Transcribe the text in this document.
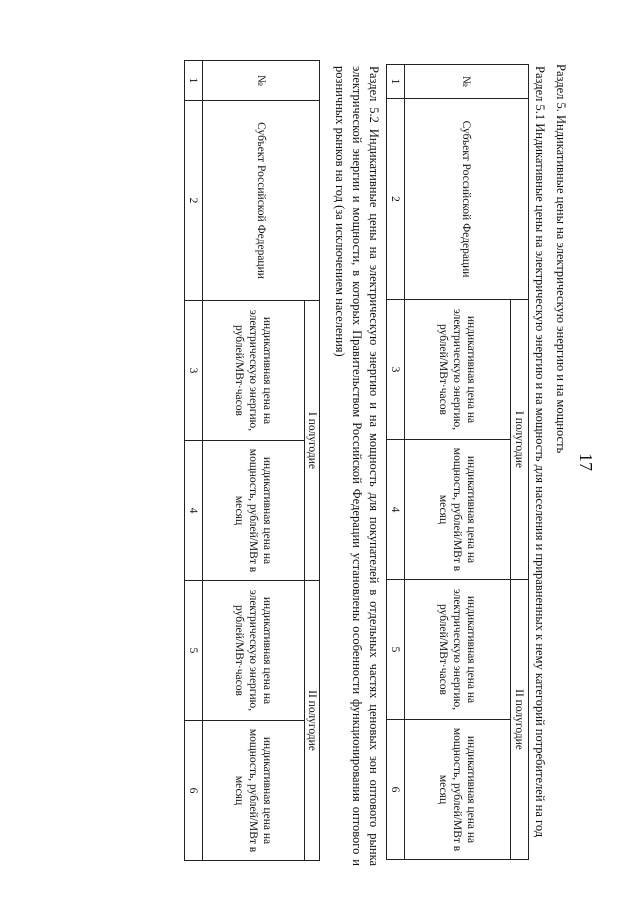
17
Раздел 5. Индикативные цены на электрическую энергию и на мощность
Раздел 5.1 Индикативные цены на электрическую энергию и на мощность для населения и приравненных к нему категорий потребителей на год
№	Субъект Российской Федерации	I полугодие		II полугодие	
		индикативная цена на электрическую энергию, рублей/МВт·часов	индикативная цена на мощность, рублей/МВт в месяц	индикативная цена на электрическую энергию, рублей/МВт·часов	индикативная цена на мощность, рублей/МВт в месяц
1	2	3	4	5	6
Раздел 5.2 Индикативные цены на электрическую энергию и на мощность для покупателей в отдельных частях ценовых зон оптового рынка электрической энергии и мощности, в которых Правительством Российской Федерации установлены особенности функционирования оптового и розничных рынков на год (за исключением населения)
№	Субъект Российской Федерации	I полугодие		II полугодие	
		индикативная цена на электрическую энергию, рублей/МВт·часов	индикативная цена на мощность, рублей/МВт в месяц	индикативная цена на электрическую энергию, рублей/МВт·часов	индикативная цена на мощность, рублей/МВт в месяц
1	2	3	4	5	6
